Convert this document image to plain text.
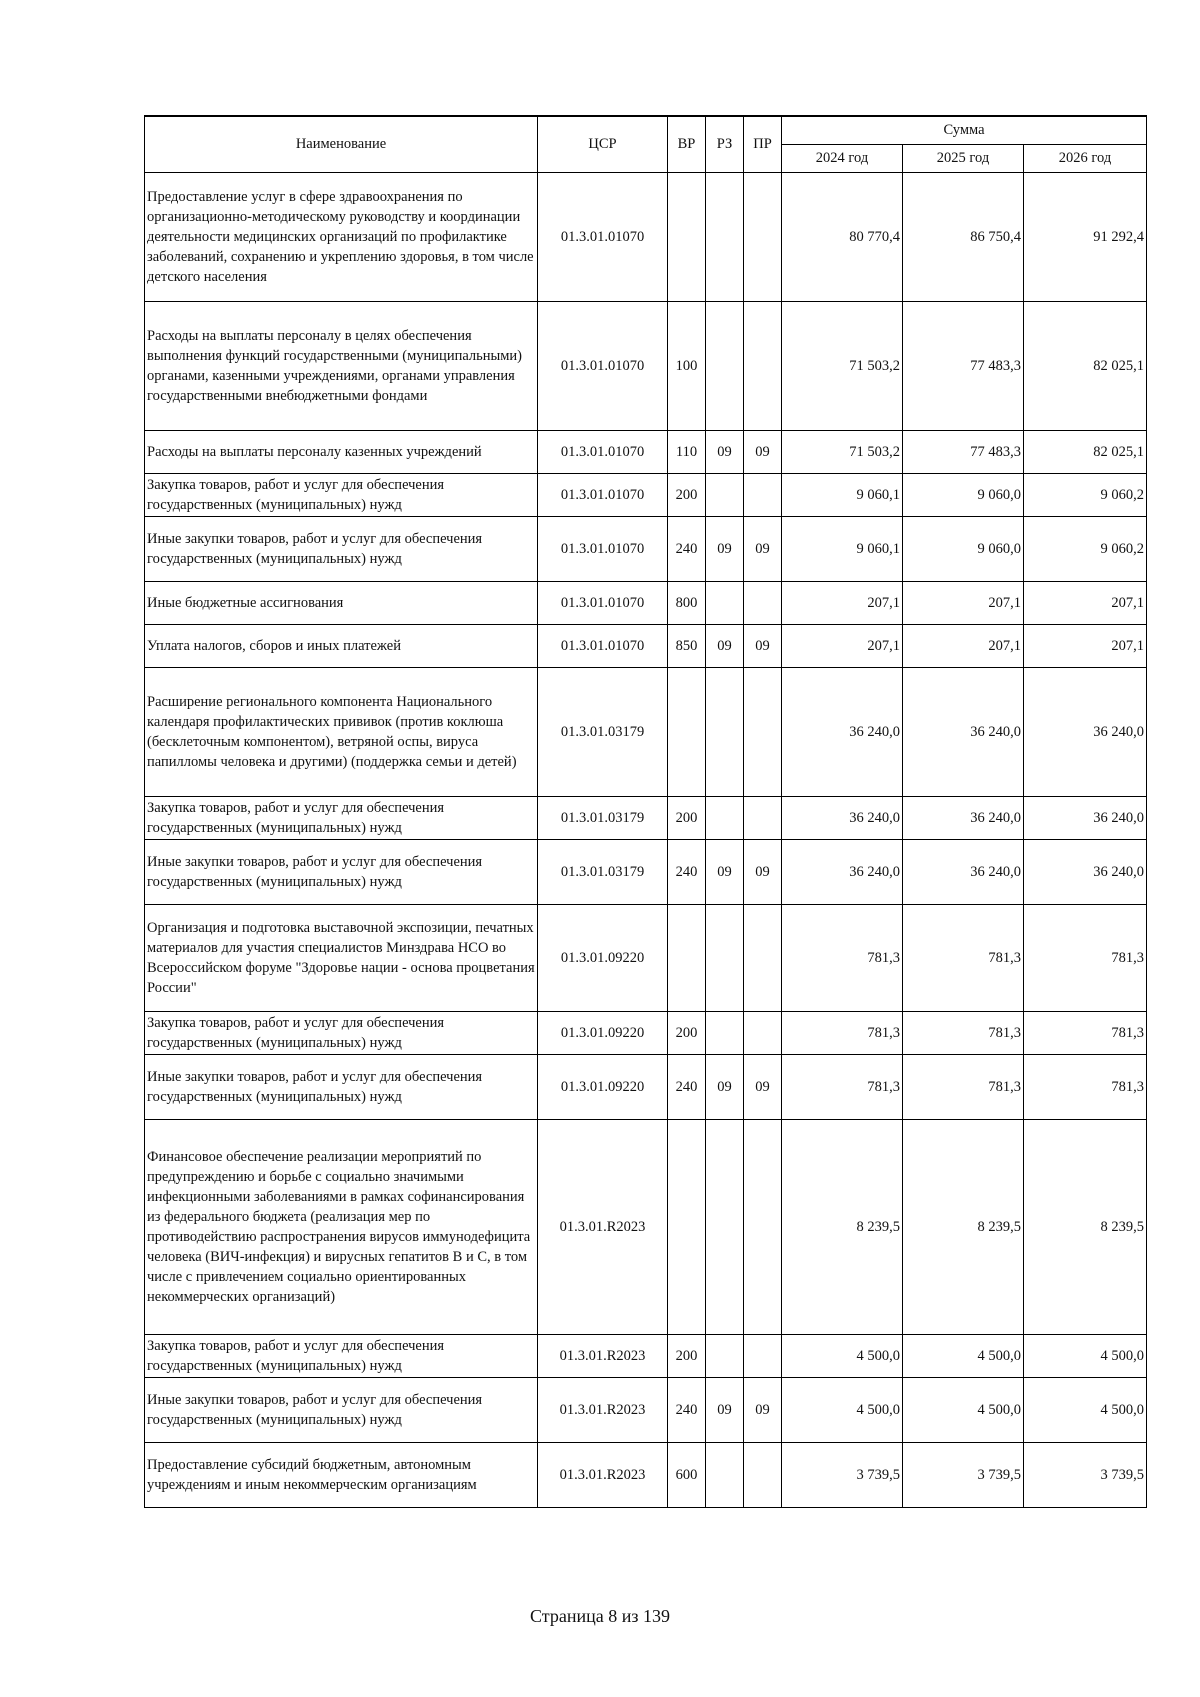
Наименование	ЦСР	ВР	РЗ	ПР	Сумма		
					2024 год	2025 год	2026 год
Предоставление услуг в сфере здравоохранения по организационно-методическому руководству и координации деятельности медицинских организаций по профилактике заболеваний, сохранению и укреплению здоровья, в том числе детского населения	01.3.01.01070				80 770,4	86 750,4	91 292,4
Расходы на выплаты персоналу в целях обеспечения выполнения функций государственными (муниципальными) органами, казенными учреждениями, органами управления государственными внебюджетными фондами	01.3.01.01070	100			71 503,2	77 483,3	82 025,1
Расходы на выплаты персоналу казенных учреждений	01.3.01.01070	110	09	09	71 503,2	77 483,3	82 025,1
Закупка товаров, работ и услуг для обеспечения государственных (муниципальных) нужд	01.3.01.01070	200			9 060,1	9 060,0	9 060,2
Иные закупки товаров, работ и услуг для обеспечения государственных (муниципальных) нужд	01.3.01.01070	240	09	09	9 060,1	9 060,0	9 060,2
Иные бюджетные ассигнования	01.3.01.01070	800			207,1	207,1	207,1
Уплата налогов, сборов и иных платежей	01.3.01.01070	850	09	09	207,1	207,1	207,1
Расширение регионального компонента Национального календаря профилактических прививок (против коклюша (бесклеточным компонентом), ветряной оспы, вируса папилломы человека и другими) (поддержка семьи и детей)	01.3.01.03179				36 240,0	36 240,0	36 240,0
Закупка товаров, работ и услуг для обеспечения государственных (муниципальных) нужд	01.3.01.03179	200			36 240,0	36 240,0	36 240,0
Иные закупки товаров, работ и услуг для обеспечения государственных (муниципальных) нужд	01.3.01.03179	240	09	09	36 240,0	36 240,0	36 240,0
Организация и подготовка выставочной экспозиции, печатных материалов для участия специалистов Минздрава НСО во Всероссийском форуме "Здоровье нации - основа процветания России"	01.3.01.09220				781,3	781,3	781,3
Закупка товаров, работ и услуг для обеспечения государственных (муниципальных) нужд	01.3.01.09220	200			781,3	781,3	781,3
Иные закупки товаров, работ и услуг для обеспечения государственных (муниципальных) нужд	01.3.01.09220	240	09	09	781,3	781,3	781,3
Финансовое обеспечение реализации мероприятий по предупреждению и борьбе с социально значимыми инфекционными заболеваниями в рамках софинансирования из федерального бюджета (реализация мер по противодействию распространения вирусов иммунодефицита человека (ВИЧ-инфекция) и вирусных гепатитов B и C, в том числе с привлечением социально ориентированных некоммерческих организаций)	01.3.01.R2023				8 239,5	8 239,5	8 239,5
Закупка товаров, работ и услуг для обеспечения государственных (муниципальных) нужд	01.3.01.R2023	200			4 500,0	4 500,0	4 500,0
Иные закупки товаров, работ и услуг для обеспечения государственных (муниципальных) нужд	01.3.01.R2023	240	09	09	4 500,0	4 500,0	4 500,0
Предоставление субсидий бюджетным, автономным учреждениям и иным некоммерческим организациям	01.3.01.R2023	600			3 739,5	3 739,5	3 739,5
Страница 8 из 139
